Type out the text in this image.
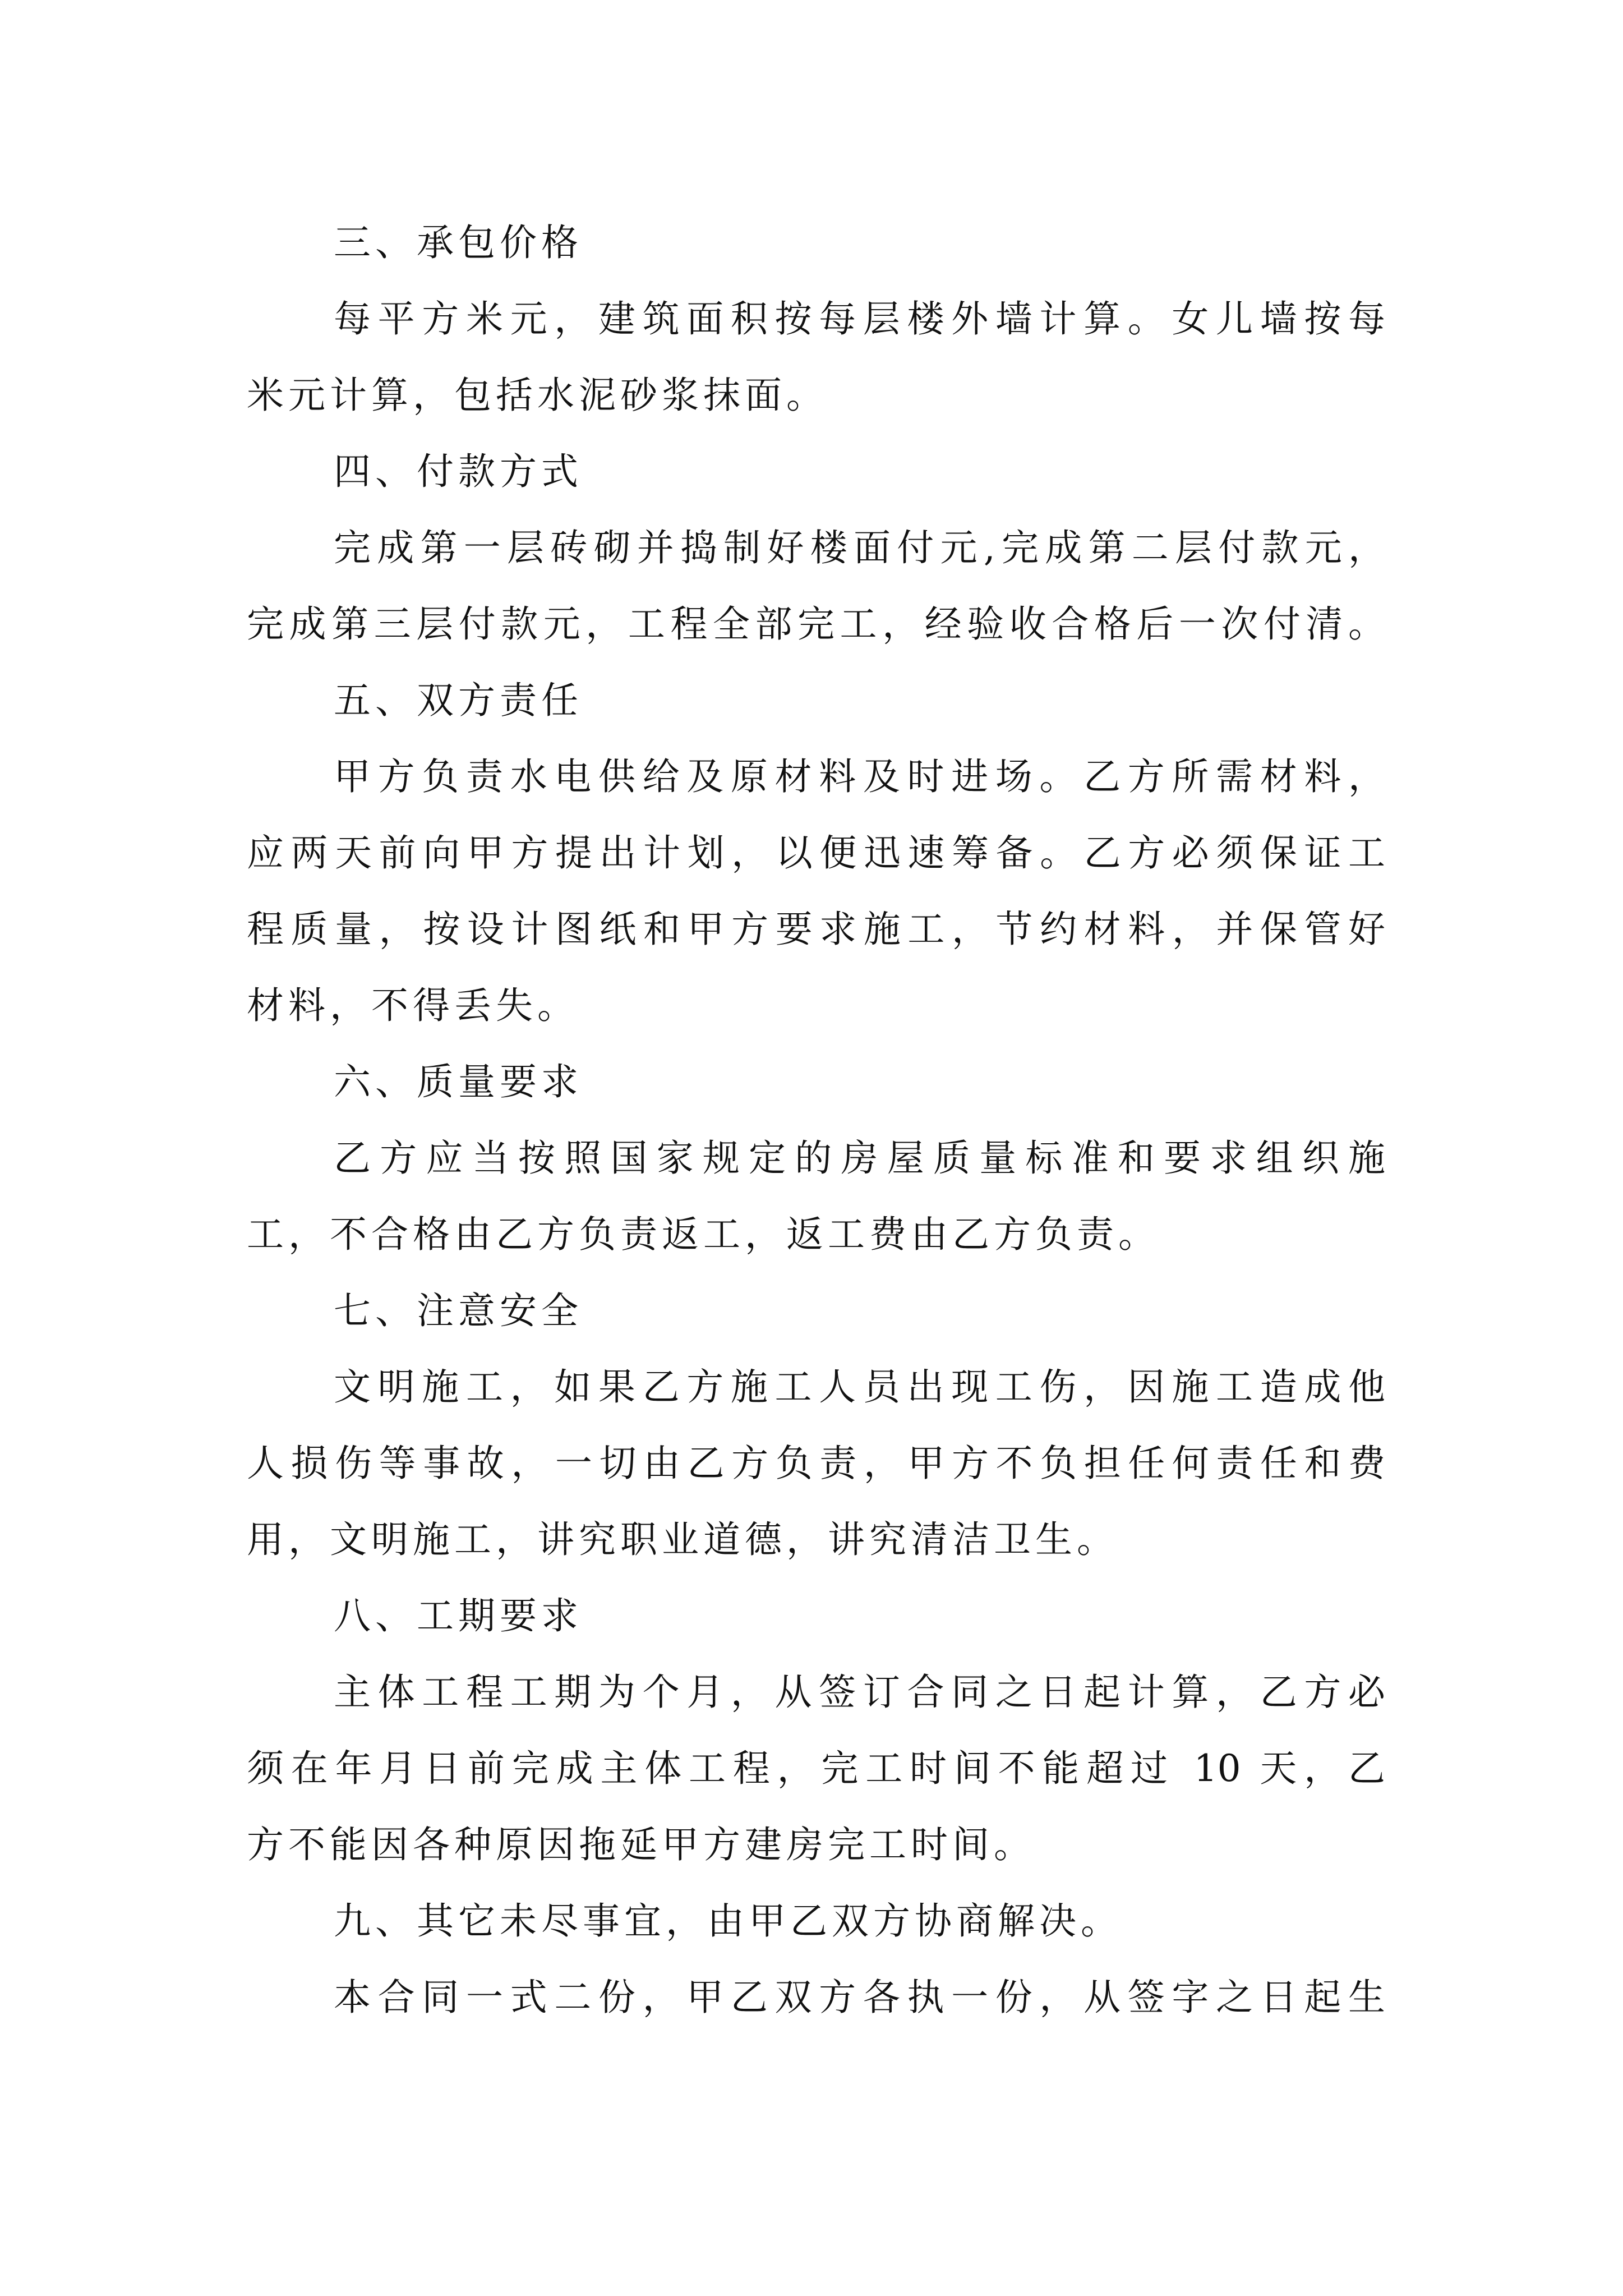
三、承包价格
每平方米元，建筑面积按每层楼外墙计算。女儿墙按每
米元计算，包括水泥砂浆抹面。
四、付款方式
完成第一层砖砌并捣制好楼面付元,完成第二层付款元，
完成第三层付款元，工程全部完工，经验收合格后一次付清。
五、双方责任
甲方负责水电供给及原材料及时进场。乙方所需材料，
应两天前向甲方提出计划，以便迅速筹备。乙方必须保证工
程质量，按设计图纸和甲方要求施工，节约材料，并保管好
材料，不得丢失。
六、质量要求
乙方应当按照国家规定的房屋质量标准和要求组织施
工，不合格由乙方负责返工，返工费由乙方负责。
七、注意安全
文明施工，如果乙方施工人员出现工伤，因施工造成他
人损伤等事故，一切由乙方负责，甲方不负担任何责任和费
用，文明施工，讲究职业道德，讲究清洁卫生。
八、工期要求
主体工程工期为个月，从签订合同之日起计算，乙方必
须在年月日前完成主体工程，完工时间不能超过 10 天，乙
方不能因各种原因拖延甲方建房完工时间。
九、其它未尽事宜，由甲乙双方协商解决。
本合同一式二份，甲乙双方各执一份，从签字之日起生
